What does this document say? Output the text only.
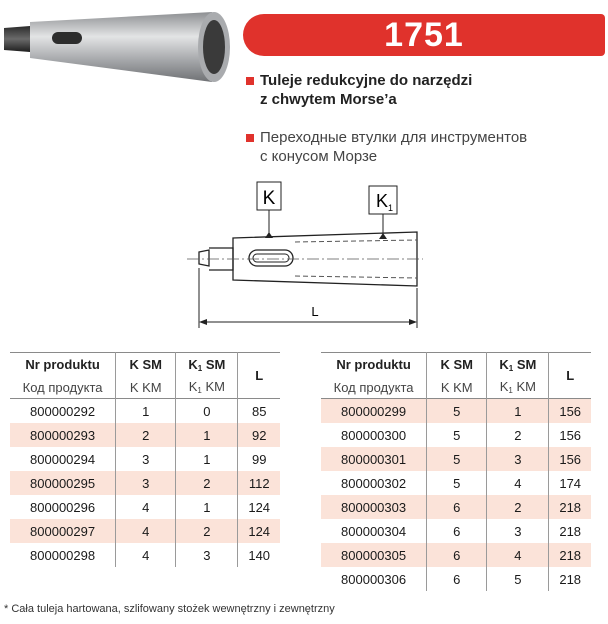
1751
Tuleje redukcyjne do narzędzi
z chwytem Morse’a
Переходные втулки для инструментов
с конусом Морзе
K	$K_1$
L
Nr produktu	K SM	$K_1$ SM	L
Код продукта	K KM	$K_1$ KM	
800000292	1	0	85
800000293	2	1	92
800000294	3	1	99
800000295	3	2	112
800000296	4	1	124
800000297	4	2	124
800000298	4	3	140
Nr produktu	K SM	$K_1$ SM	L
Код продукта	K KM	$K_1$ KM	
800000299	5	1	156
800000300	5	2	156
800000301	5	3	156
800000302	5	4	174
800000303	6	2	218
800000304	6	3	218
800000305	6	4	218
800000306	6	5	218
* Cała tuleja hartowana, szlifowany stożek wewnętrzny i zewnętrzny
